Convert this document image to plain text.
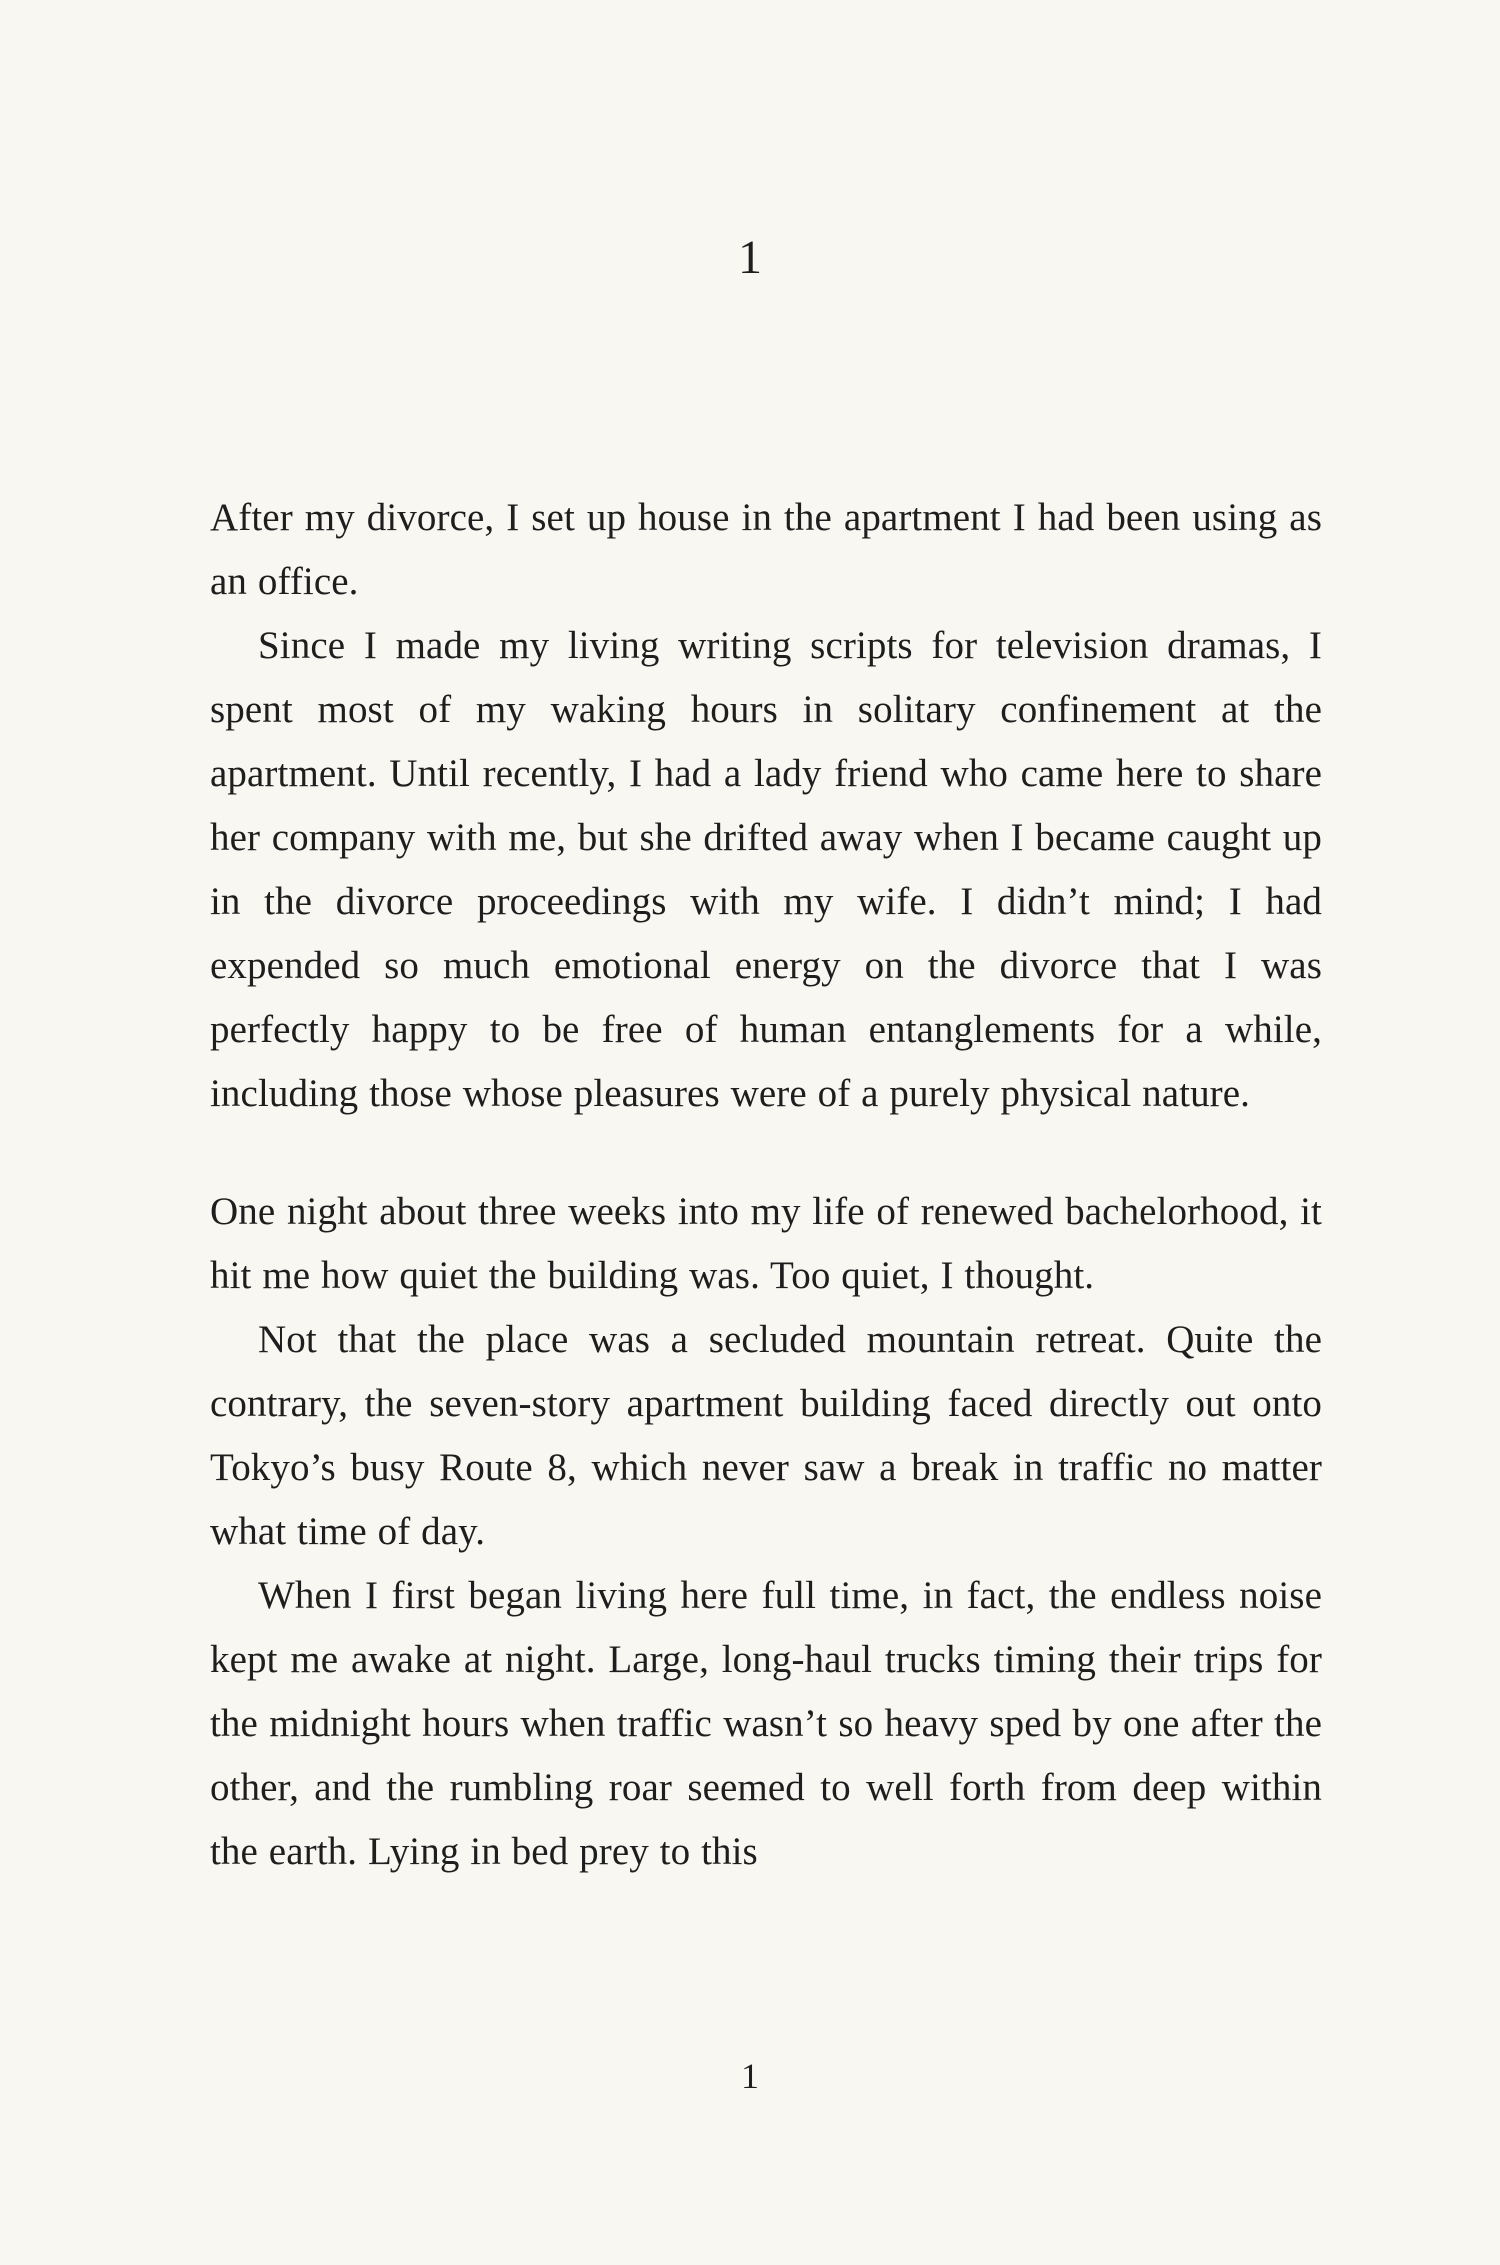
1

After my divorce, I set up house in the apartment I had been using as an office.

Since I made my living writing scripts for television dramas, I spent most of my waking hours in solitary confinement at the apartment. Until recently, I had a lady friend who came here to share her company with me, but she drifted away when I became caught up in the divorce proceedings with my wife. I didn’t mind; I had expended so much emotional energy on the divorce that I was perfectly happy to be free of human entanglements for a while, including those whose pleasures were of a purely physical nature.

One night about three weeks into my life of renewed bachelorhood, it hit me how quiet the building was. Too quiet, I thought.

Not that the place was a secluded mountain retreat. Quite the contrary, the seven-story apartment building faced directly out onto Tokyo’s busy Route 8, which never saw a break in traffic no matter what time of day.

When I first began living here full time, in fact, the endless noise kept me awake at night. Large, long-haul trucks timing their trips for the midnight hours when traffic wasn’t so heavy sped by one after the other, and the rumbling roar seemed to well forth from deep within the earth. Lying in bed prey to this

1
